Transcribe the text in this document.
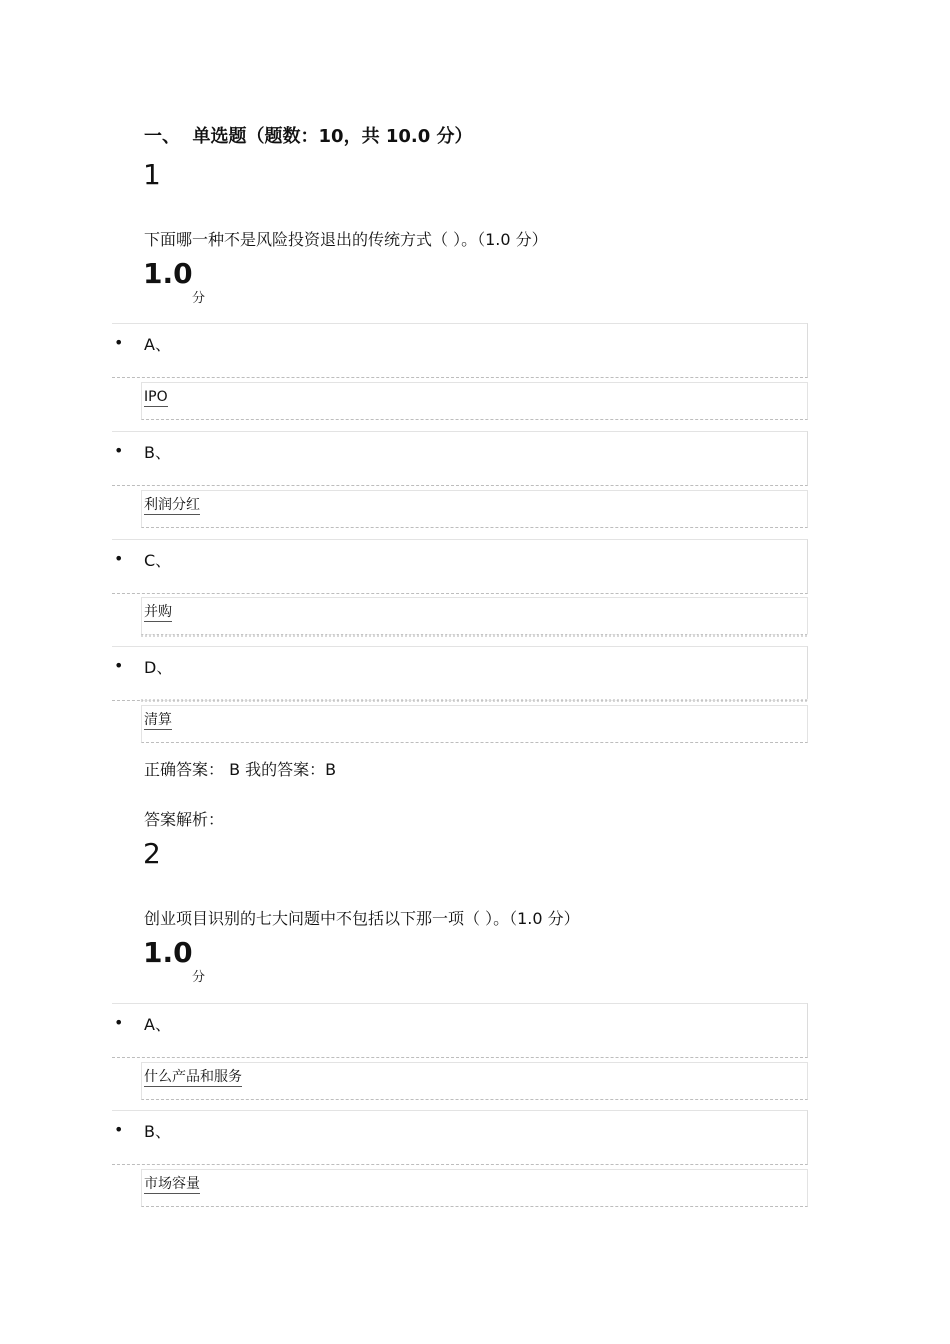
一、  单选题（题数：10，共 10.0 分）
1
下面哪一种不是风险投资退出的传统方式（ ）。（1.0 分）
1.0
分
• A、
IPO
• B、
利润分红
• C、
并购
• D、
清算
正确答案： B 我的答案：B
答案解析：
2
创业项目识别的七大问题中不包括以下那一项（ ）。（1.0 分）
1.0
分
• A、
什么产品和服务
• B、
市场容量
